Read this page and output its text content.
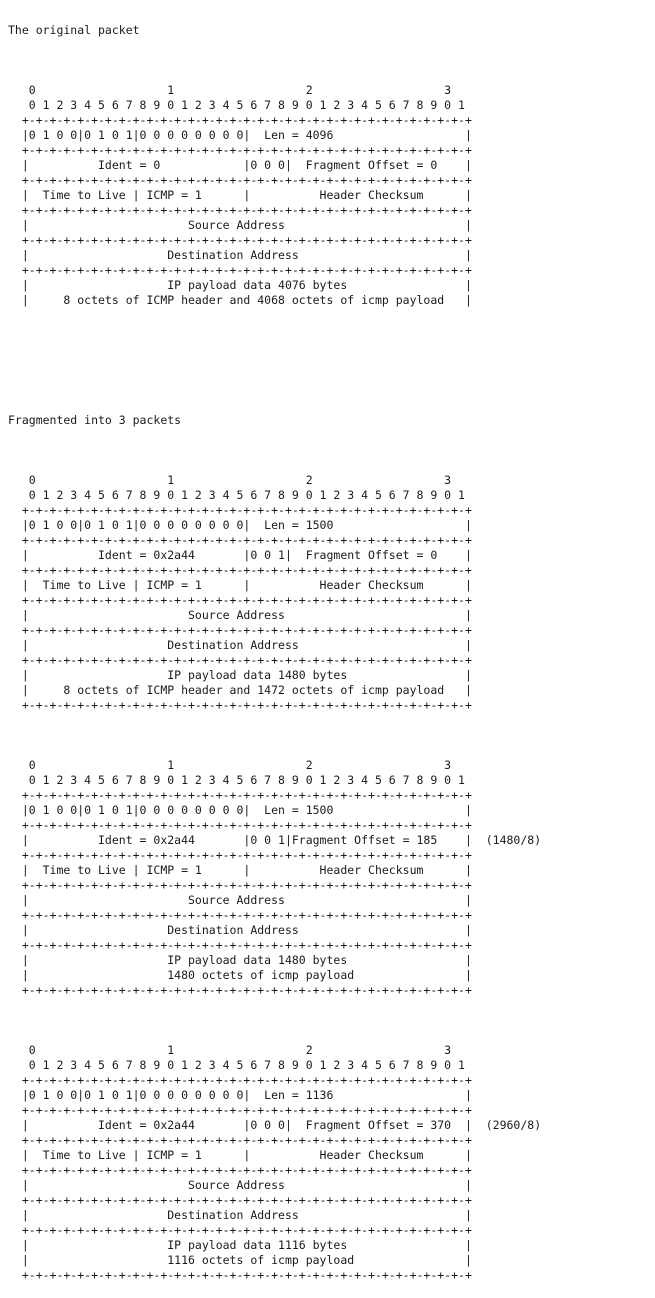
The original packet

0                   1                   2                   3
0 1 2 3 4 5 6 7 8 9 0 1 2 3 4 5 6 7 8 9 0 1 2 3 4 5 6 7 8 9 0 1
+-+-+-+-+-+-+-+-+-+-+-+-+-+-+-+-+-+-+-+-+-+-+-+-+-+-+-+-+-+-+-+-+
|0 1 0 0|0 1 0 1|0 0 0 0 0 0 0 0|  Len = 4096                   |
+-+-+-+-+-+-+-+-+-+-+-+-+-+-+-+-+-+-+-+-+-+-+-+-+-+-+-+-+-+-+-+-+
|          Ident = 0            |0 0 0|  Fragment Offset = 0    |
+-+-+-+-+-+-+-+-+-+-+-+-+-+-+-+-+-+-+-+-+-+-+-+-+-+-+-+-+-+-+-+-+
|  Time to Live | ICMP = 1      |          Header Checksum      |
+-+-+-+-+-+-+-+-+-+-+-+-+-+-+-+-+-+-+-+-+-+-+-+-+-+-+-+-+-+-+-+-+
|                       Source Address                          |
+-+-+-+-+-+-+-+-+-+-+-+-+-+-+-+-+-+-+-+-+-+-+-+-+-+-+-+-+-+-+-+-+
|                    Destination Address                        |
+-+-+-+-+-+-+-+-+-+-+-+-+-+-+-+-+-+-+-+-+-+-+-+-+-+-+-+-+-+-+-+-+
|                    IP payload data 4076 bytes                 |
|     8 octets of ICMP header and 4068 octets of icmp payload   |

Fragmented into 3 packets

0                   1                   2                   3
0 1 2 3 4 5 6 7 8 9 0 1 2 3 4 5 6 7 8 9 0 1 2 3 4 5 6 7 8 9 0 1
+-+-+-+-+-+-+-+-+-+-+-+-+-+-+-+-+-+-+-+-+-+-+-+-+-+-+-+-+-+-+-+-+
|0 1 0 0|0 1 0 1|0 0 0 0 0 0 0 0|  Len = 1500                   |
+-+-+-+-+-+-+-+-+-+-+-+-+-+-+-+-+-+-+-+-+-+-+-+-+-+-+-+-+-+-+-+-+
|          Ident = 0x2a44       |0 0 1|  Fragment Offset = 0    |
+-+-+-+-+-+-+-+-+-+-+-+-+-+-+-+-+-+-+-+-+-+-+-+-+-+-+-+-+-+-+-+-+
|  Time to Live | ICMP = 1      |          Header Checksum      |
+-+-+-+-+-+-+-+-+-+-+-+-+-+-+-+-+-+-+-+-+-+-+-+-+-+-+-+-+-+-+-+-+
|                       Source Address                          |
+-+-+-+-+-+-+-+-+-+-+-+-+-+-+-+-+-+-+-+-+-+-+-+-+-+-+-+-+-+-+-+-+
|                    Destination Address                        |
+-+-+-+-+-+-+-+-+-+-+-+-+-+-+-+-+-+-+-+-+-+-+-+-+-+-+-+-+-+-+-+-+
|                    IP payload data 1480 bytes                 |
|     8 octets of ICMP header and 1472 octets of icmp payload   |
+-+-+-+-+-+-+-+-+-+-+-+-+-+-+-+-+-+-+-+-+-+-+-+-+-+-+-+-+-+-+-+-+

0                   1                   2                   3
0 1 2 3 4 5 6 7 8 9 0 1 2 3 4 5 6 7 8 9 0 1 2 3 4 5 6 7 8 9 0 1
+-+-+-+-+-+-+-+-+-+-+-+-+-+-+-+-+-+-+-+-+-+-+-+-+-+-+-+-+-+-+-+-+
|0 1 0 0|0 1 0 1|0 0 0 0 0 0 0 0|  Len = 1500                   |
+-+-+-+-+-+-+-+-+-+-+-+-+-+-+-+-+-+-+-+-+-+-+-+-+-+-+-+-+-+-+-+-+
|          Ident = 0x2a44       |0 0 1|Fragment Offset = 185    |  (1480/8)
+-+-+-+-+-+-+-+-+-+-+-+-+-+-+-+-+-+-+-+-+-+-+-+-+-+-+-+-+-+-+-+-+
|  Time to Live | ICMP = 1      |          Header Checksum      |
+-+-+-+-+-+-+-+-+-+-+-+-+-+-+-+-+-+-+-+-+-+-+-+-+-+-+-+-+-+-+-+-+
|                       Source Address                          |
+-+-+-+-+-+-+-+-+-+-+-+-+-+-+-+-+-+-+-+-+-+-+-+-+-+-+-+-+-+-+-+-+
|                    Destination Address                        |
+-+-+-+-+-+-+-+-+-+-+-+-+-+-+-+-+-+-+-+-+-+-+-+-+-+-+-+-+-+-+-+-+
|                    IP payload data 1480 bytes                 |
|                    1480 octets of icmp payload                |
+-+-+-+-+-+-+-+-+-+-+-+-+-+-+-+-+-+-+-+-+-+-+-+-+-+-+-+-+-+-+-+-+

0                   1                   2                   3
0 1 2 3 4 5 6 7 8 9 0 1 2 3 4 5 6 7 8 9 0 1 2 3 4 5 6 7 8 9 0 1
+-+-+-+-+-+-+-+-+-+-+-+-+-+-+-+-+-+-+-+-+-+-+-+-+-+-+-+-+-+-+-+-+
|0 1 0 0|0 1 0 1|0 0 0 0 0 0 0 0|  Len = 1136                   |
+-+-+-+-+-+-+-+-+-+-+-+-+-+-+-+-+-+-+-+-+-+-+-+-+-+-+-+-+-+-+-+-+
|          Ident = 0x2a44       |0 0 0|  Fragment Offset = 370  |  (2960/8)
+-+-+-+-+-+-+-+-+-+-+-+-+-+-+-+-+-+-+-+-+-+-+-+-+-+-+-+-+-+-+-+-+
|  Time to Live | ICMP = 1      |          Header Checksum      |
+-+-+-+-+-+-+-+-+-+-+-+-+-+-+-+-+-+-+-+-+-+-+-+-+-+-+-+-+-+-+-+-+
|                       Source Address                          |
+-+-+-+-+-+-+-+-+-+-+-+-+-+-+-+-+-+-+-+-+-+-+-+-+-+-+-+-+-+-+-+-+
|                    Destination Address                        |
+-+-+-+-+-+-+-+-+-+-+-+-+-+-+-+-+-+-+-+-+-+-+-+-+-+-+-+-+-+-+-+-+
|                    IP payload data 1116 bytes                 |
|                    1116 octets of icmp payload                |
+-+-+-+-+-+-+-+-+-+-+-+-+-+-+-+-+-+-+-+-+-+-+-+-+-+-+-+-+-+-+-+-+
